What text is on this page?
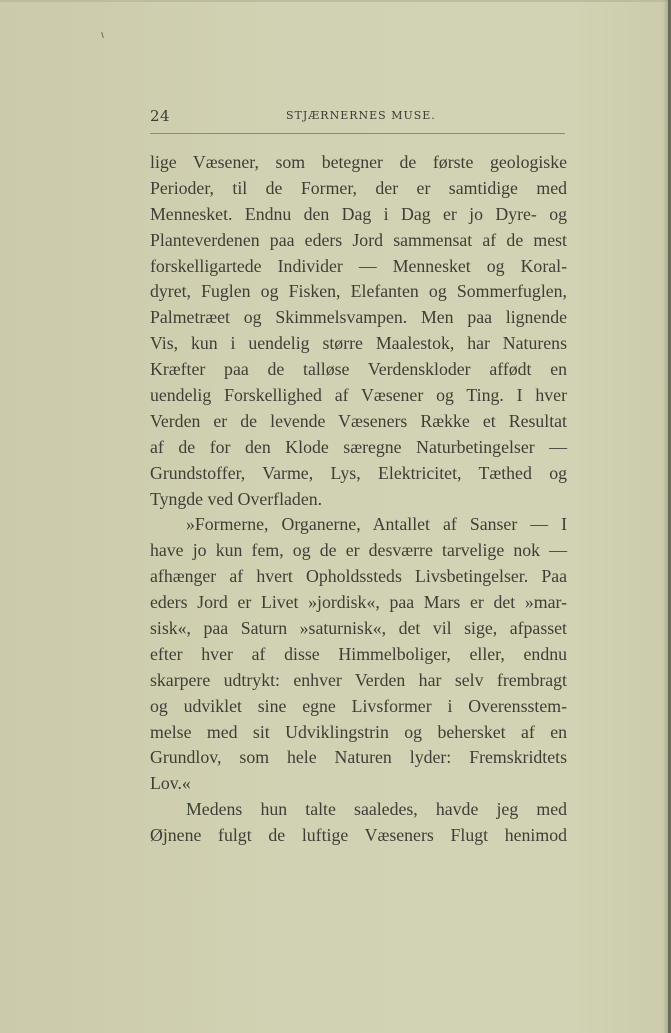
24	STJÆRNERNES MUSE.
lige Væsener, som betegner de første geologiske
Perioder, til de Former, der er samtidige med
Mennesket. Endnu den Dag i Dag er jo Dyre- og
Planteverdenen paa eders Jord sammensat af de mest
forskelligartede Individer — Mennesket og Koral-
dyret, Fuglen og Fisken, Elefanten og Sommerfuglen,
Palmetræet og Skimmelsvampen. Men paa lignende
Vis, kun i uendelig større Maalestok, har Naturens
Kræfter paa de talløse Verdenskloder affødt en
uendelig Forskellighed af Væsener og Ting. I hver
Verden er de levende Væseners Række et Resultat
af de for den Klode særegne Naturbetingelser —
Grundstoffer, Varme, Lys, Elektricitet, Tæthed og
Tyngde ved Overfladen.
»Formerne, Organerne, Antallet af Sanser — I
have jo kun fem, og de er desværre tarvelige nok —
afhænger af hvert Opholdssteds Livsbetingelser. Paa
eders Jord er Livet »jordisk«, paa Mars er det »mar-
sisk«, paa Saturn »saturnisk«, det vil sige, afpasset
efter hver af disse Himmelboliger, eller, endnu
skarpere udtrykt: enhver Verden har selv frembragt
og udviklet sine egne Livsformer i Overensstem-
melse med sit Udviklingstrin og behersket af en
Grundlov, som hele Naturen lyder: Fremskridtets
Lov.«
Medens hun talte saaledes, havde jeg med
Øjnene fulgt de luftige Væseners Flugt henimod
